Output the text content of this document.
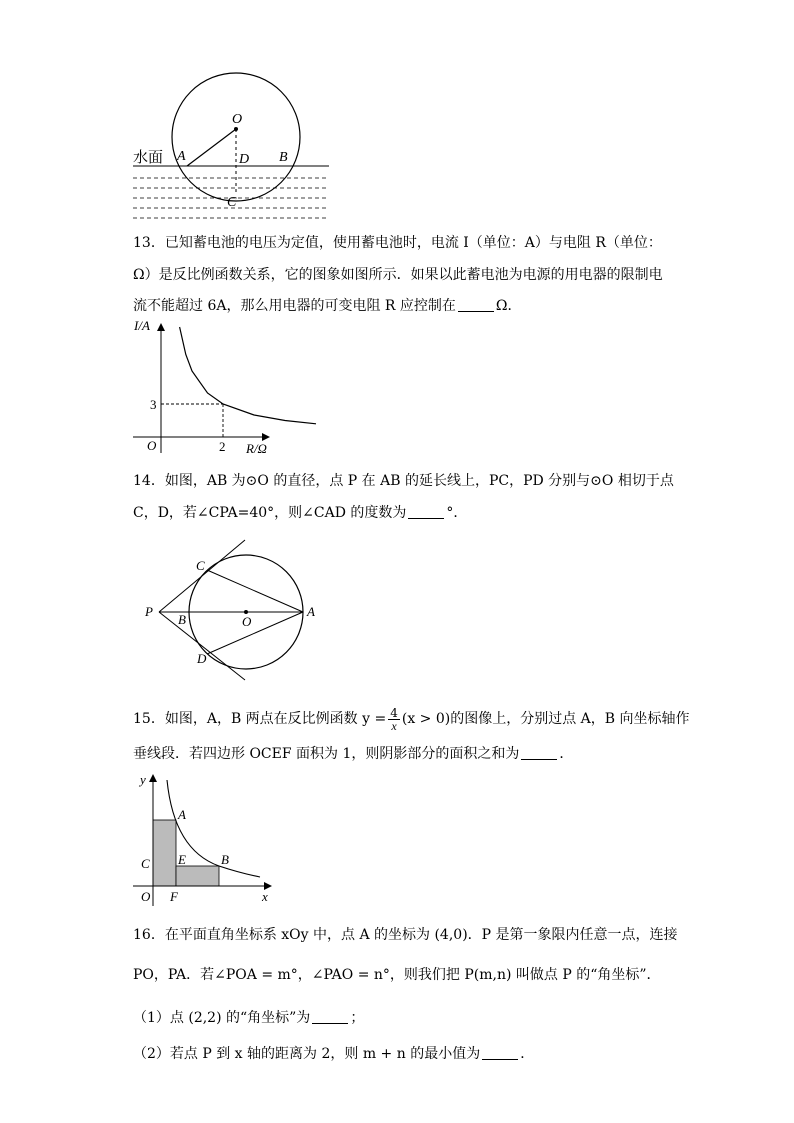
O
A	D B
C
水面
13．已知蓄电池的电压为定值，使用蓄电池时，电流 I（单位：A）与电阻 R（单位：
Ω）是反比例函数关系，它的图象如图所示．如果以此蓄电池为电源的用电器的限制电
流不能超过 6A，那么用电器的可变电阻 R 应控制在	Ω．
I/A
R/Ω
O
3
2
14．如图，AB 为⊙O 的直径，点 P 在 AB 的延长线上，PC，PD 分别与⊙O 相切于点
C，D，若∠CPA=40°，则∠CAD 的度数为	°．
C
P
B	O
A
D
15．如图，A，B 两点在反比例函数 $y = \frac{4}{x} (x > 0)$的图像上，分别过点 A，B 向坐标轴作
垂线段．若四边形 OCEF 面积为 1，则阴影部分的面积之和为	．
y
x
A
B
C E
F
O
16．在平面直角坐标系 xOy 中，点 A 的坐标为 (4,0)．P 是第一象限内任意一点，连接
PO，PA．若∠POA = m°，∠PAO = n°，则我们把 P(m,n) 叫做点 P 的“角坐标”．
（1）点 (2,2) 的“角坐标”为	；
（2）若点 P 到 x 轴的距离为 2，则 m + n 的最小值为	．
